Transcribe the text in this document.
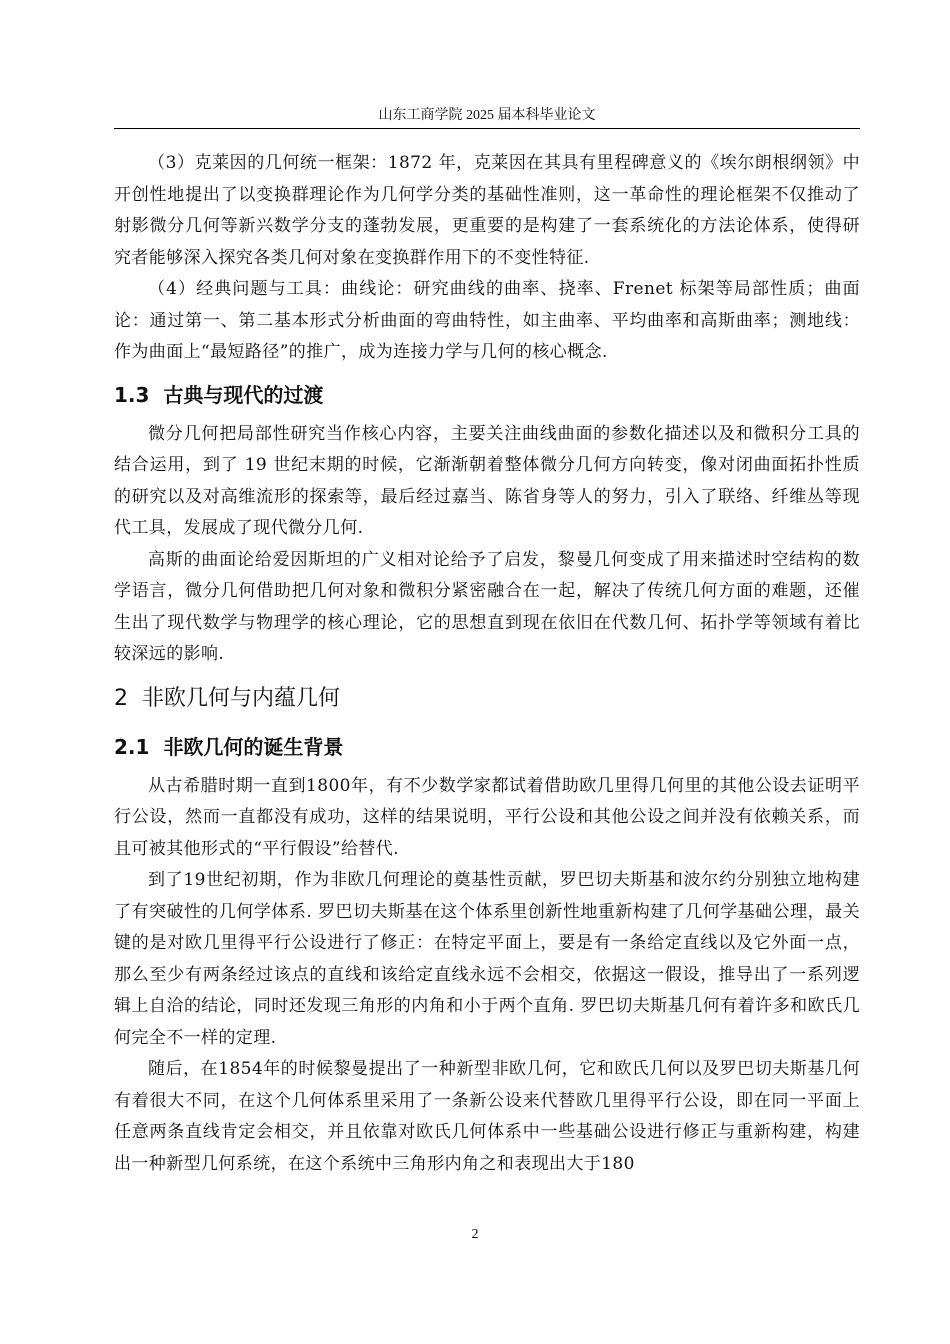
山东工商学院 2025 届本科毕业论文

（3）克莱因的几何统一框架：1872 年，克莱因在其具有里程碑意义的《埃尔朗根纲领》中开创性地提出了以变换群理论作为几何学分类的基础性准则，这一革命性的理论框架不仅推动了射影微分几何等新兴数学分支的蓬勃发展，更重要的是构建了一套系统化的方法论体系，使得研究者能够深入探究各类几何对象在变换群作用下的不变性特征.

（4）经典问题与工具：曲线论：研究曲线的曲率、挠率、Frenet 标架等局部性质；曲面论：通过第一、第二基本形式分析曲面的弯曲特性，如主曲率、平均曲率和高斯曲率；测地线：作为曲面上“最短路径”的推广，成为连接力学与几何的核心概念.

1.3 古典与现代的过渡

微分几何把局部性研究当作核心内容，主要关注曲线曲面的参数化描述以及和微积分工具的结合运用，到了 19 世纪末期的时候，它渐渐朝着整体微分几何方向转变，像对闭曲面拓扑性质的研究以及对高维流形的探索等，最后经过嘉当、陈省身等人的努力，引入了联络、纤维丛等现代工具，发展成了现代微分几何.

高斯的曲面论给爱因斯坦的广义相对论给予了启发，黎曼几何变成了用来描述时空结构的数学语言，微分几何借助把几何对象和微积分紧密融合在一起，解决了传统几何方面的难题，还催生出了现代数学与物理学的核心理论，它的思想直到现在依旧在代数几何、拓扑学等领域有着比较深远的影响.

2 非欧几何与内蕴几何
2.1 非欧几何的诞生背景

从古希腊时期一直到1800年，有不少数学家都试着借助欧几里得几何里的其他公设去证明平行公设，然而一直都没有成功，这样的结果说明，平行公设和其他公设之间并没有依赖关系，而且可被其他形式的“平行假设”给替代.

到了19世纪初期，作为非欧几何理论的奠基性贡献，罗巴切夫斯基和波尔约分别独立地构建了有突破性的几何学体系. 罗巴切夫斯基在这个体系里创新性地重新构建了几何学基础公理，最关键的是对欧几里得平行公设进行了修正：在特定平面上，要是有一条给定直线以及它外面一点，那么至少有两条经过该点的直线和该给定直线永远不会相交，依据这一假设，推导出了一系列逻辑上自洽的结论，同时还发现三角形的内角和小于两个直角. 罗巴切夫斯基几何有着许多和欧氏几何完全不一样的定理.

随后，在1854年的时候黎曼提出了一种新型非欧几何，它和欧氏几何以及罗巴切夫斯基几何有着很大不同，在这个几何体系里采用了一条新公设来代替欧几里得平行公设，即在同一平面上任意两条直线肯定会相交，并且依靠对欧氏几何体系中一些基础公设进行修正与重新构建，构建出一种新型几何系统，在这个系统中三角形内角之和表现出大于180

2
